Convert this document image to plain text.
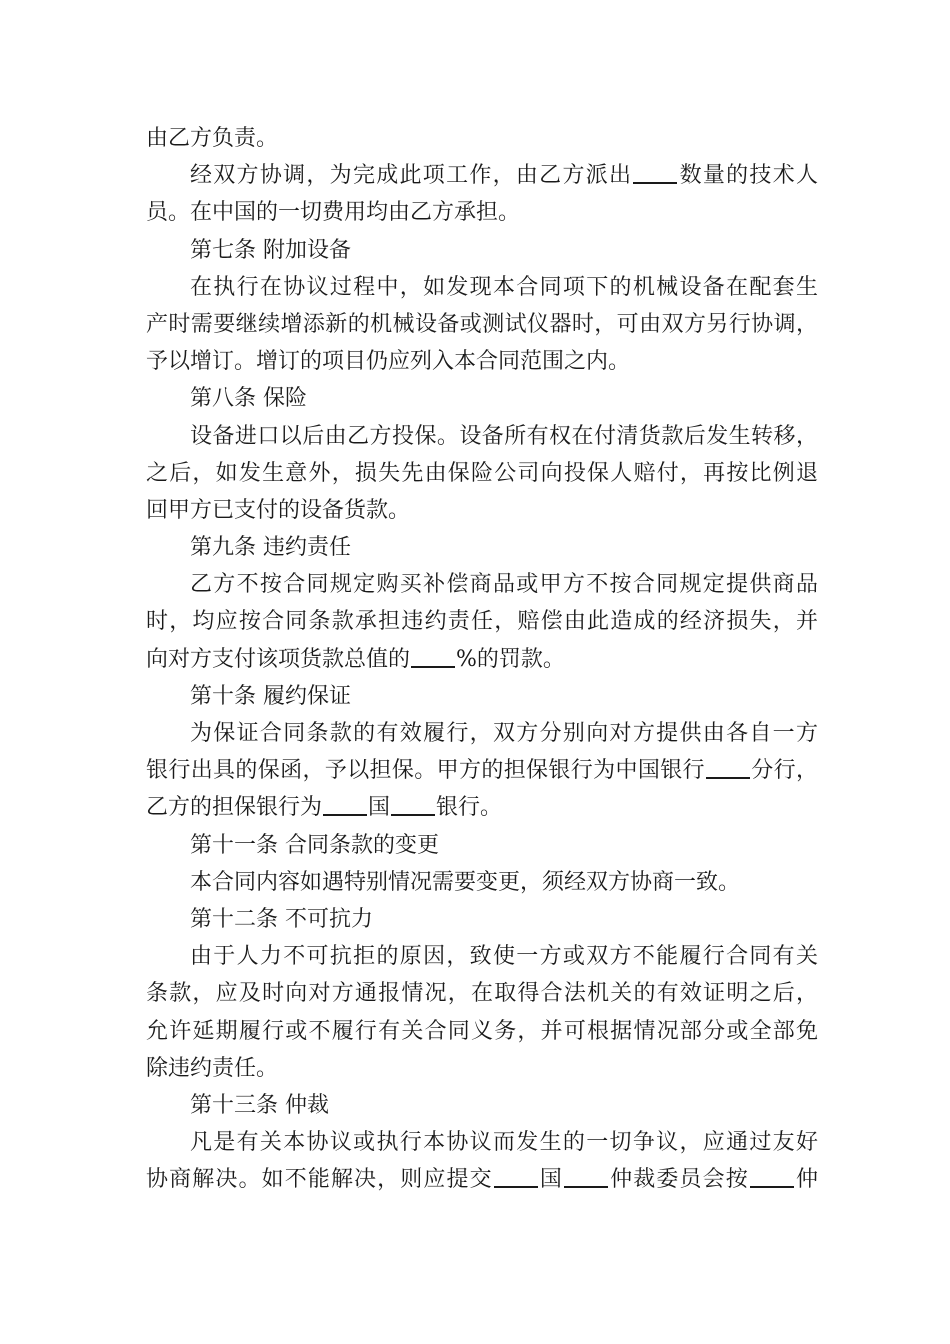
由乙方负责。
经双方协调，为完成此项工作，由乙方派出 数量的技术人
员。在中国的一切费用均由乙方承担。
第七条 附加设备
在执行在协议过程中，如发现本合同项下的机械设备在配套生
产时需要继续增添新的机械设备或测试仪器时，可由双方另行协调，
予以增订。增订的项目仍应列入本合同范围之内。
第八条 保险
设备进口以后由乙方投保。设备所有权在付清货款后发生转移，
之后，如发生意外，损失先由保险公司向投保人赔付，再按比例退
回甲方已支付的设备货款。
第九条 违约责任
乙方不按合同规定购买补偿商品或甲方不按合同规定提供商品
时，均应按合同条款承担违约责任，赔偿由此造成的经济损失，并
向对方支付该项货款总值的 %的罚款。
第十条 履约保证
为保证合同条款的有效履行，双方分别向对方提供由各自一方
银行出具的保函，予以担保。甲方的担保银行为中国银行 分行，
乙方的担保银行为 国 银行。
第十一条 合同条款的变更
本合同内容如遇特别情况需要变更，须经双方协商一致。
第十二条 不可抗力
由于人力不可抗拒的原因，致使一方或双方不能履行合同有关
条款，应及时向对方通报情况，在取得合法机关的有效证明之后，
允许延期履行或不履行有关合同义务，并可根据情况部分或全部免
除违约责任。
第十三条 仲裁
凡是有关本协议或执行本协议而发生的一切争议，应通过友好
协商解决。如不能解决，则应提交 国 仲裁委员会按 仲
